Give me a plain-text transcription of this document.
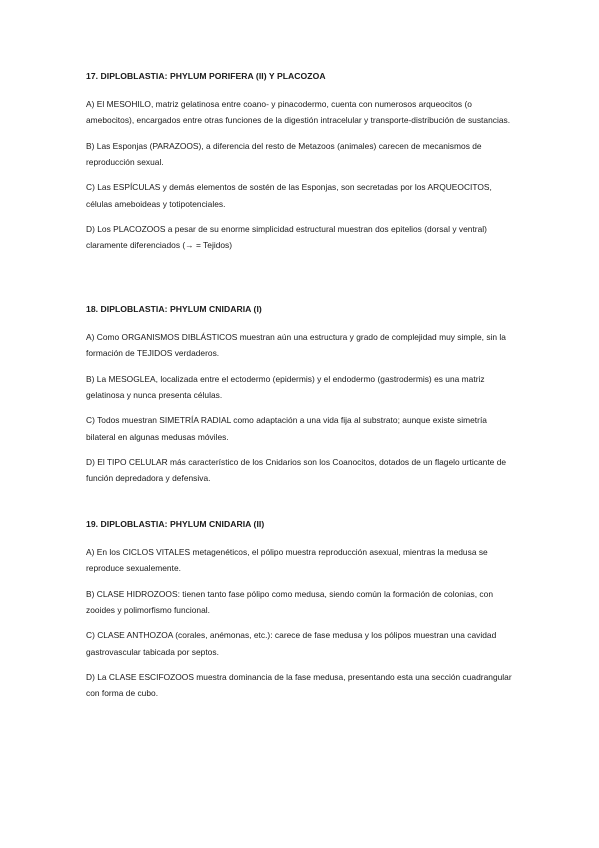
17. DIPLOBLASTIA: PHYLUM PORIFERA (II) Y PLACOZOA

A) El MESOHILO, matriz gelatinosa entre coano- y pinacodermo, cuenta con numerosos arqueocitos (o amebocitos), encargados entre otras funciones de la digestión intracelular y transporte-distribución de sustancias.

B) Las Esponjas (PARAZOOS), a diferencia del resto de Metazoos (animales) carecen de mecanismos de reproducción sexual.

C) Las ESPÍCULAS y demás elementos de sostén de las Esponjas, son secretadas por los ARQUEOCITOS, células ameboideas y totipotenciales.

D) Los PLACOZOOS a pesar de su enorme simplicidad estructural muestran dos epitelios (dorsal y ventral) claramente diferenciados (→ = Tejidos)

18. DIPLOBLASTIA: PHYLUM CNIDARIA (I)

A) Como ORGANISMOS DIBLÁSTICOS muestran aún una estructura y grado de complejidad muy simple, sin la formación de TEJIDOS verdaderos.

B) La MESOGLEA, localizada entre el ectodermo (epidermis) y el endodermo (gastrodermis) es una matriz gelatinosa y nunca presenta células.

C) Todos muestran SIMETRÍA RADIAL como adaptación a una vida fija al substrato; aunque existe simetría bilateral en algunas medusas móviles.

D) El TIPO CELULAR más característico de los Cnidarios son los Coanocitos, dotados de un flagelo urticante de función depredadora y defensiva.

19. DIPLOBLASTIA: PHYLUM CNIDARIA (II)

A) En los CICLOS VITALES metagenéticos, el pólipo muestra reproducción asexual, mientras la medusa se reproduce sexualemente.

B) CLASE HIDROZOOS: tienen tanto fase pólipo como medusa, siendo común la formación de colonias, con zooides y polimorfismo funcional.

C) CLASE ANTHOZOA (corales, anémonas, etc.): carece de fase medusa y los pólipos muestran una cavidad gastrovascular tabicada por septos.

D) La CLASE ESCIFOZOOS muestra dominancia de la fase medusa, presentando esta una sección cuadrangular con forma de cubo.
